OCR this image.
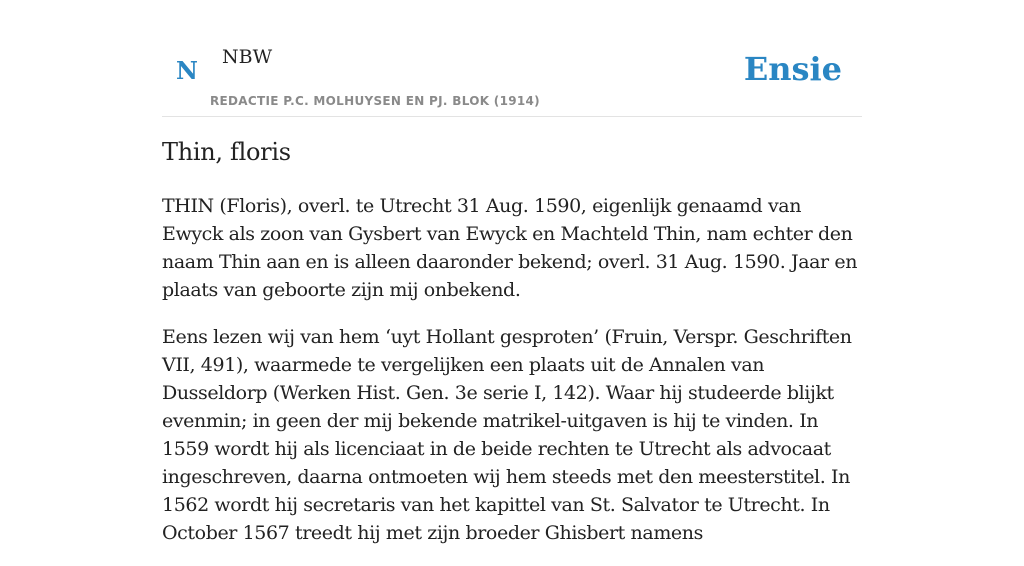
N NBW
REDACTIE P.C. MOLHUYSEN EN PJ. BLOK (1914)
Ensie
Thin, floris

THIN (Floris), overl. te Utrecht 31 Aug. 1590, eigenlijk genaamd van Ewyck als zoon van Gysbert van Ewyck en Machteld Thin, nam echter den naam Thin aan en is alleen daaronder bekend; overl. 31 Aug. 1590. Jaar en plaats van geboorte zijn mij onbekend.

Eens lezen wij van hem ‘uyt Hollant gesproten’ (Fruin, Verspr. Geschriften VII, 491), waarmede te vergelijken een plaats uit de Annalen van Dusseldorp (Werken Hist. Gen. 3e serie I, 142). Waar hij studeerde blijkt evenmin; in geen der mij bekende matrikel-uitgaven is hij te vinden. In 1559 wordt hij als licenciaat in de beide rechten te Utrecht als advocaat ingeschreven, daarna ontmoeten wij hem steeds met den meesterstitel. In 1562 wordt hij secretaris van het kapittel van St. Salvator te Utrecht. In October 1567 treedt hij met zijn broeder Ghisbert namens
